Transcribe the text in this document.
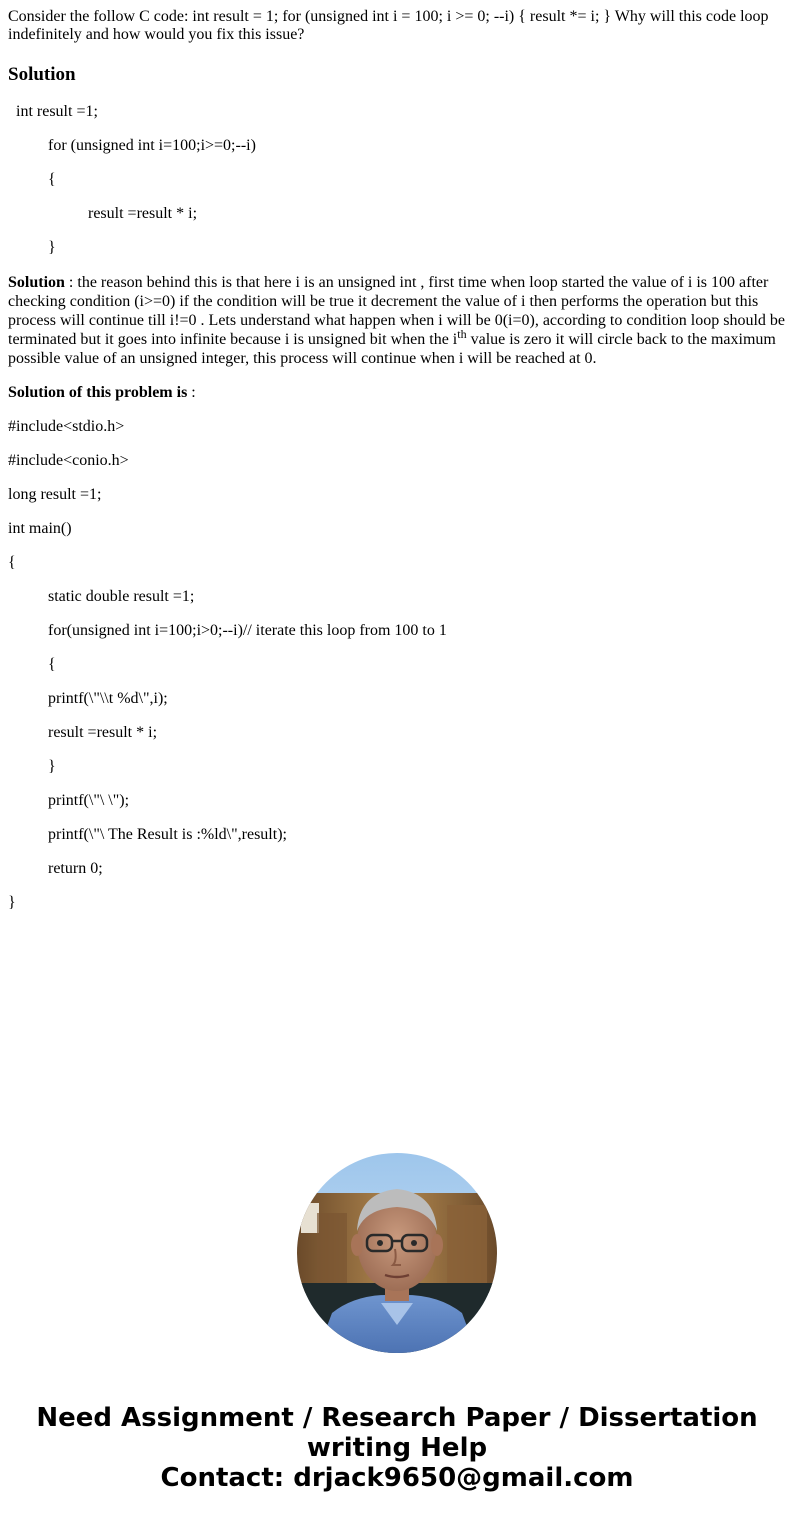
Consider the follow C code: int result = 1; for (unsigned int i = 100; i >= 0; --i) { result *= i; } Why will this code loop indefinitely and how would you fix this issue?

Solution

int result =1;

for (unsigned int i=100;i>=0;--i)

{

result =result * i;

}

Solution : the reason behind this is that here i is an unsigned int , first time when loop started the value of i is 100 after checking condition (i>=0) if the condition will be true it decrement the value of i then performs the operation but this process will continue till i!=0 . Lets understand what happen when i will be 0(i=0), according to condition loop should be terminated but it goes into infinite because i is unsigned bit when the $i^{th}$ value is zero it will circle back to the maximum possible value of an unsigned integer, this process will continue when i will be reached at 0.

Solution of this problem is :

#include<stdio.h>

#include<conio.h>

long result =1;

int main()

{

static double result =1;

for(unsigned int i=100;i>0;--i)// iterate this loop from 100 to 1

{

printf(\"\\t %d\",i);

result =result * i;

}

printf(\"\ \");

printf(\"\ The Result is :%ld\",result);

return 0;

}

Need Assignment / Research Paper / Dissertation
writing Help
Contact: drjack9650@gmail.com
